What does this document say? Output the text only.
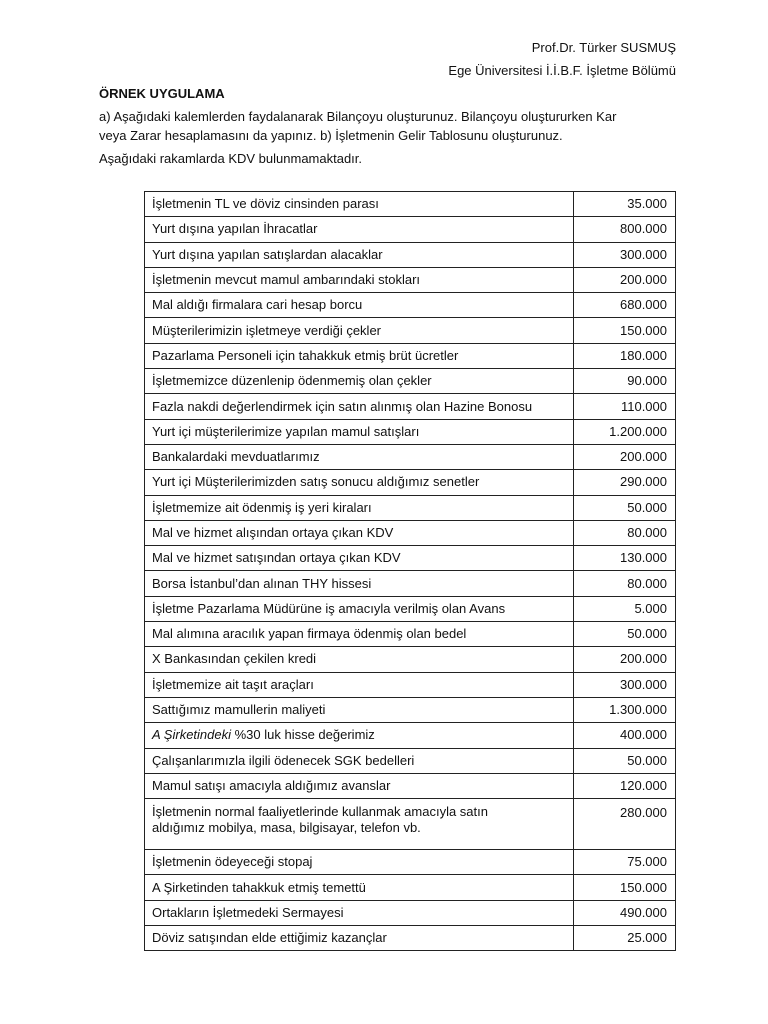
Prof.Dr. Türker SUSMUŞ
Ege Üniversitesi İ.İ.B.F. İşletme Bölümü
ÖRNEK UYGULAMA
a) Aşağıdaki kalemlerden faydalanarak Bilançoyu oluşturunuz. Bilançoyu oluştururken Kar
veya Zarar hesaplamasını da yapınız. b) İşletmenin Gelir Tablosunu oluşturunuz.
Aşağıdaki rakamlarda KDV bulunmamaktadır.
İşletmenin TL ve döviz cinsinden parası	35.000
Yurt dışına yapılan İhracatlar	800.000
Yurt dışına yapılan satışlardan alacaklar	300.000
İşletmenin mevcut mamul ambarındaki stokları	200.000
Mal aldığı firmalara cari hesap borcu	680.000
Müşterilerimizin işletmeye verdiği çekler	150.000
Pazarlama Personeli için tahakkuk etmiş brüt ücretler	180.000
İşletmemizce düzenlenip ödenmemiş olan çekler	90.000
Fazla nakdi değerlendirmek için satın alınmış olan Hazine Bonosu	110.000
Yurt içi müşterilerimize yapılan mamul satışları	1.200.000
Bankalardaki mevduatlarımız	200.000
Yurt içi Müşterilerimizden satış sonucu aldığımız senetler	290.000
İşletmemize ait ödenmiş iş yeri kiraları	50.000
Mal ve hizmet alışından ortaya çıkan KDV	80.000
Mal ve hizmet satışından ortaya çıkan KDV	130.000
Borsa İstanbul’dan alınan THY hissesi	80.000
İşletme Pazarlama Müdürüne iş amacıyla verilmiş olan Avans	5.000
Mal alımına aracılık yapan firmaya ödenmiş olan bedel	50.000
X Bankasından çekilen kredi	200.000
İşletmemize ait taşıt araçları	300.000
Sattığımız mamullerin maliyeti	1.300.000
A Şirketindeki %30 luk hisse değerimiz	400.000
Çalışanlarımızla ilgili ödenecek SGK bedelleri	50.000
Mamul satışı amacıyla aldığımız avanslar	120.000

İşletmenin normal faaliyetlerinde kullanmak amacıyla satın
aldığımız mobilya, masa, bilgisayar, telefon vb.	280.000
İşletmenin ödeyeceği stopaj	75.000
A Şirketinden tahakkuk etmiş temettü	150.000
Ortakların İşletmedeki Sermayesi	490.000
Döviz satışından elde ettiğimiz kazançlar	25.000
